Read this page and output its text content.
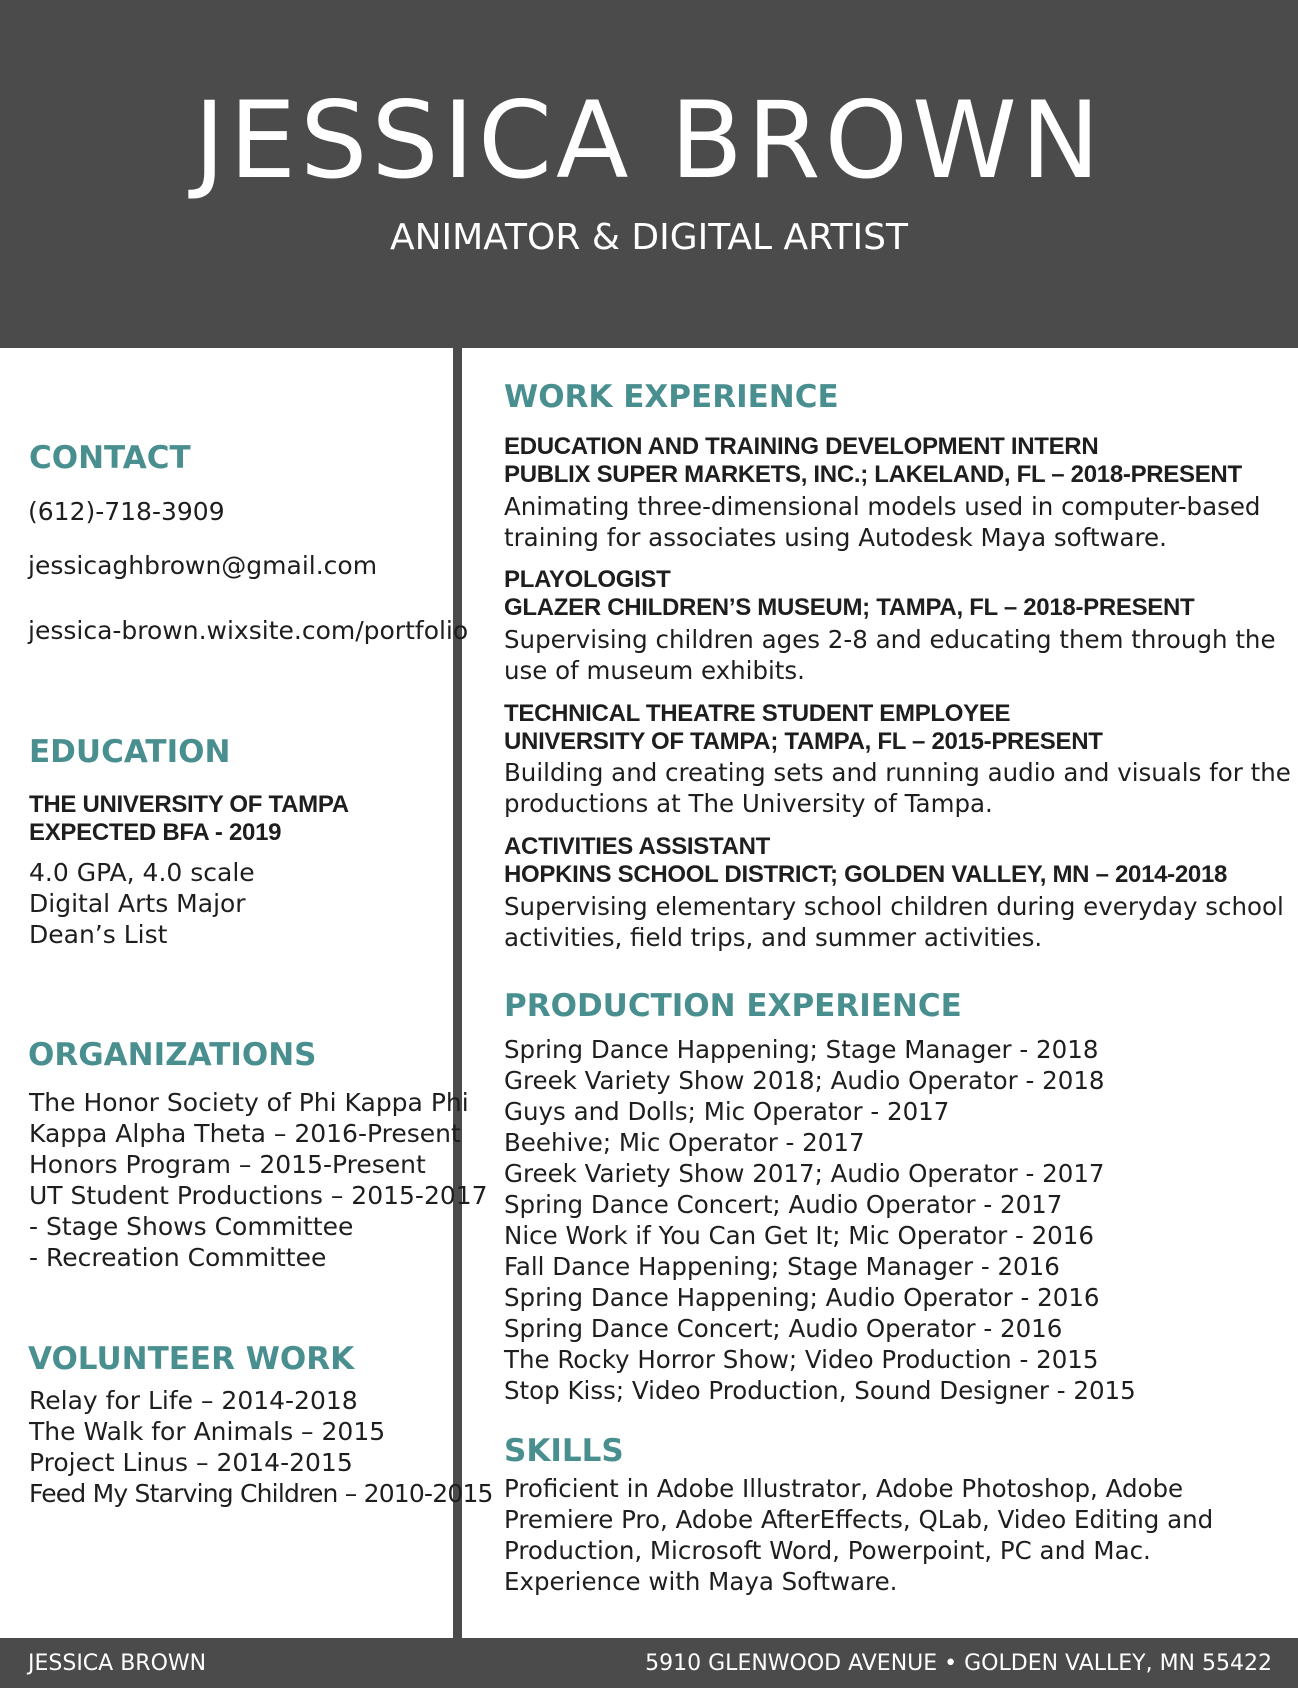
JESSICA BROWN
ANIMATOR & DIGITAL ARTIST
CONTACT
(612)-718-3909
jessicaghbrown@gmail.com
jessica-brown.wixsite.com/portfolio
EDUCATION
THE UNIVERSITY OF TAMPA
EXPECTED BFA - 2019
4.0 GPA, 4.0 scale
Digital Arts Major
Dean’s List
ORGANIZATIONS
The Honor Society of Phi Kappa Phi
Kappa Alpha Theta – 2016-Present
Honors Program – 2015-Present
UT Student Productions – 2015-2017
- Stage Shows Committee
- Recreation Committee
VOLUNTEER WORK
Relay for Life – 2014-2018
The Walk for Animals – 2015
Project Linus – 2014-2015
Feed My Starving Children – 2010-2015
WORK EXPERIENCE
EDUCATION AND TRAINING DEVELOPMENT INTERN
PUBLIX SUPER MARKETS, INC.; LAKELAND, FL – 2018-PRESENT
Animating three-dimensional models used in computer-based
training for associates using Autodesk Maya software.
PLAYOLOGIST
GLAZER CHILDREN’S MUSEUM; TAMPA, FL – 2018-PRESENT
Supervising children ages 2-8 and educating them through the
use of museum exhibits.
TECHNICAL THEATRE STUDENT EMPLOYEE
UNIVERSITY OF TAMPA; TAMPA, FL – 2015-PRESENT
Building and creating sets and running audio and visuals for the
productions at The University of Tampa.
ACTIVITIES ASSISTANT
HOPKINS SCHOOL DISTRICT; GOLDEN VALLEY, MN – 2014-2018
Supervising elementary school children during everyday school
activities, field trips, and summer activities.
PRODUCTION EXPERIENCE
Spring Dance Happening; Stage Manager - 2018
Greek Variety Show 2018; Audio Operator - 2018
Guys and Dolls; Mic Operator - 2017
Beehive; Mic Operator - 2017
Greek Variety Show 2017; Audio Operator - 2017
Spring Dance Concert; Audio Operator - 2017
Nice Work if You Can Get It; Mic Operator - 2016
Fall Dance Happening; Stage Manager - 2016
Spring Dance Happening; Audio Operator - 2016
Spring Dance Concert; Audio Operator - 2016
The Rocky Horror Show; Video Production - 2015
Stop Kiss; Video Production, Sound Designer - 2015
SKILLS
Proficient in Adobe Illustrator, Adobe Photoshop, Adobe
Premiere Pro, Adobe AfterEffects, QLab, Video Editing and
Production, Microsoft Word, Powerpoint, PC and Mac.
Experience with Maya Software.
JESSICA BROWN	5910 GLENWOOD AVENUE • GOLDEN VALLEY, MN 55422
